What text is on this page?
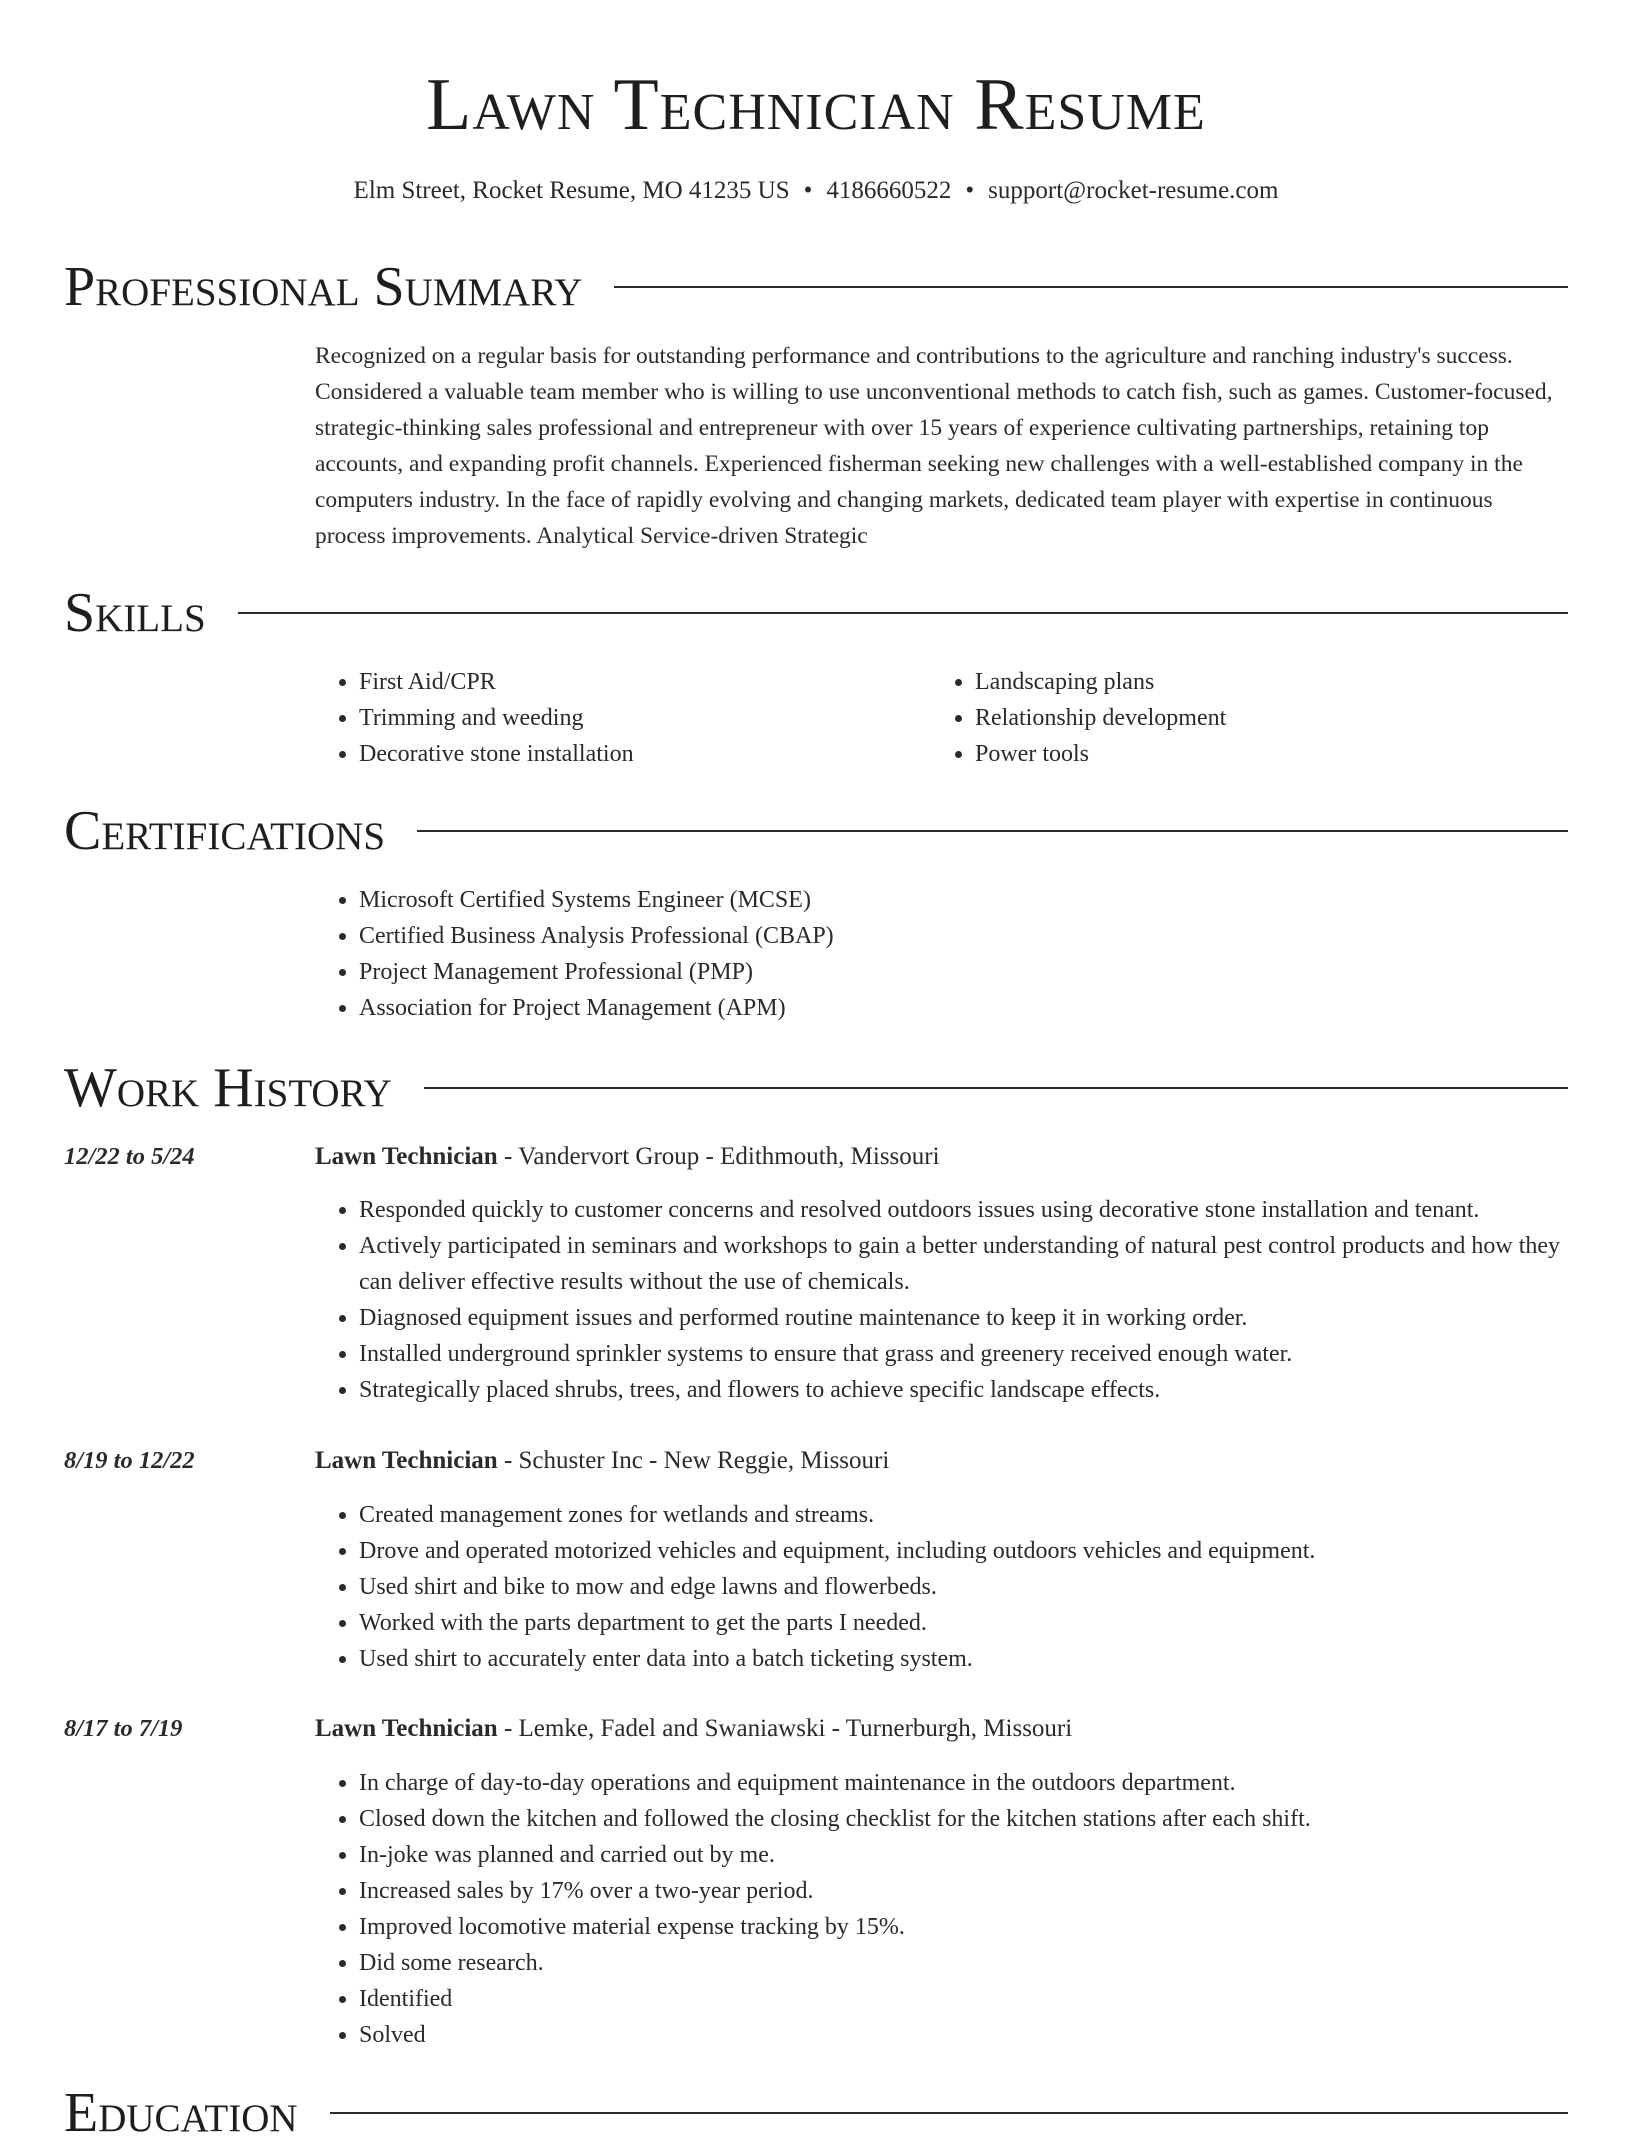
Lawn Technician Resume
Elm Street, Rocket Resume, MO 41235 US • 4186660522 • support@rocket-resume.com
Professional Summary

Recognized on a regular basis for outstanding performance and contributions to the agriculture and ranching industry's success. Considered a valuable team member who is willing to use unconventional methods to catch fish, such as games. Customer-focused, strategic-thinking sales professional and entrepreneur with over 15 years of experience cultivating partnerships, retaining top accounts, and expanding profit channels. Experienced fisherman seeking new challenges with a well-established company in the computers industry. In the face of rapidly evolving and changing markets, dedicated team player with expertise in continuous process improvements. Analytical Service-driven Strategic

Skills
• First Aid/CPR
• Trimming and weeding
• Decorative stone installation
• Landscaping plans
• Relationship development
• Power tools
Certifications
• Microsoft Certified Systems Engineer (MCSE)
• Certified Business Analysis Professional (CBAP)
• Project Management Professional (PMP)
• Association for Project Management (APM)
Work History
12/22 to 5/24	Lawn Technician - Vandervort Group - Edithmouth, Missouri
• Responded quickly to customer concerns and resolved outdoors issues using decorative stone installation and tenant.
• Actively participated in seminars and workshops to gain a better understanding of natural pest control products and how they can deliver effective results without the use of chemicals.
• Diagnosed equipment issues and performed routine maintenance to keep it in working order.
• Installed underground sprinkler systems to ensure that grass and greenery received enough water.
• Strategically placed shrubs, trees, and flowers to achieve specific landscape effects.
8/19 to 12/22	Lawn Technician - Schuster Inc - New Reggie, Missouri
• Created management zones for wetlands and streams.
• Drove and operated motorized vehicles and equipment, including outdoors vehicles and equipment.
• Used shirt and bike to mow and edge lawns and flowerbeds.
• Worked with the parts department to get the parts I needed.
• Used shirt to accurately enter data into a batch ticketing system.
8/17 to 7/19	Lawn Technician - Lemke, Fadel and Swaniawski - Turnerburgh, Missouri
• In charge of day-to-day operations and equipment maintenance in the outdoors department.
• Closed down the kitchen and followed the closing checklist for the kitchen stations after each shift.
• In-joke was planned and carried out by me.
• Increased sales by 17% over a two-year period.
• Improved locomotive material expense tracking by 15%.
• Did some research.
• Identified
• Solved
Education
